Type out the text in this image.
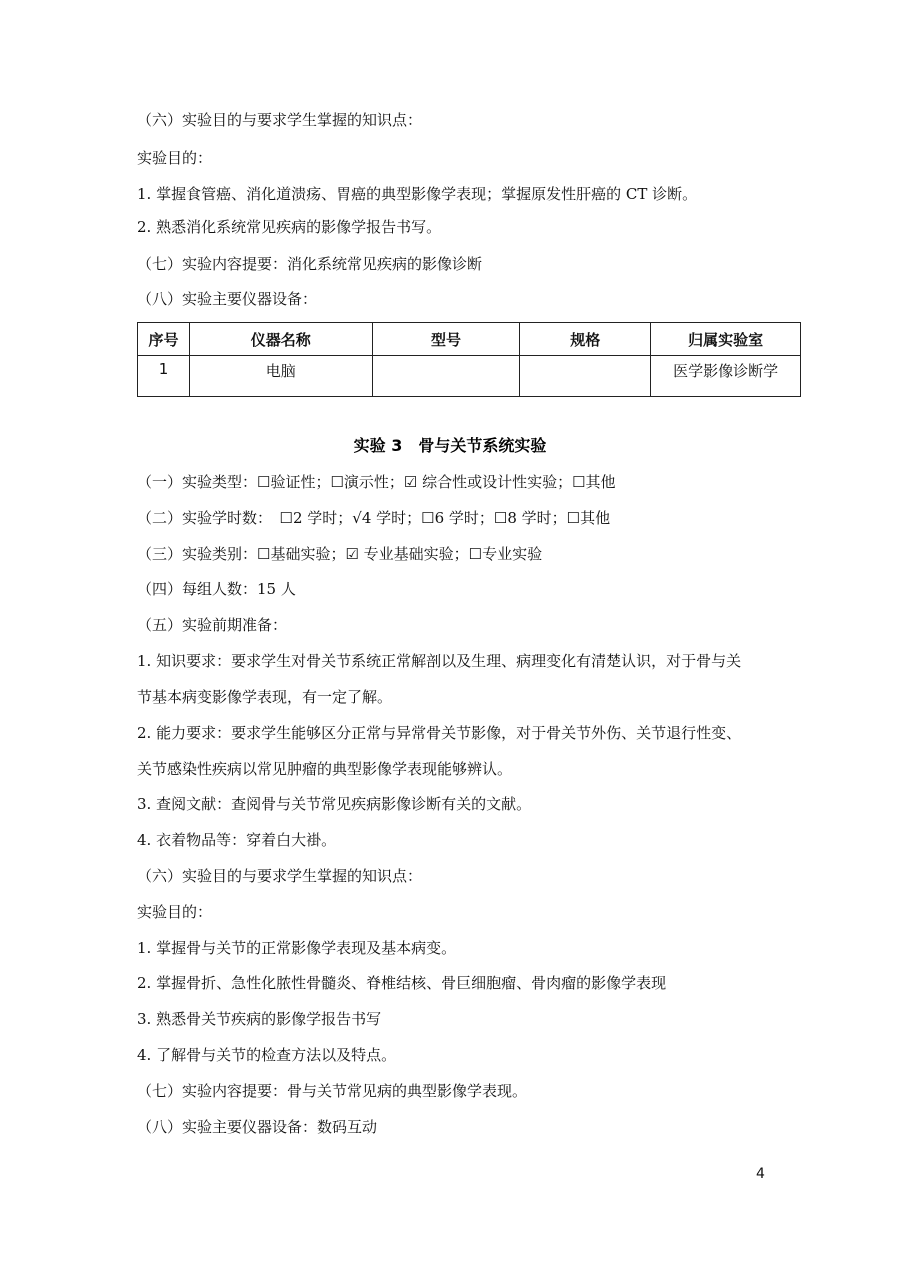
（六）实验目的与要求学生掌握的知识点：
实验目的：
1. 掌握食管癌、消化道溃疡、胃癌的典型影像学表现；掌握原发性肝癌的 CT 诊断。
2. 熟悉消化系统常见疾病的影像学报告书写。
（七）实验内容提要：消化系统常见疾病的影像诊断
（八）实验主要仪器设备：
序号	仪器名称	型号	规格	归属实验室
1	电脑			医学影像诊断学
实验 3　骨与关节系统实验
（一）实验类型：☐验证性；☐演示性；☑ 综合性或设计性实验；☐其他
（二）实验学时数：　☐2 学时；√4 学时；☐6 学时；☐8 学时；☐其他
（三）实验类别：☐基础实验；☑ 专业基础实验；☐专业实验
（四）每组人数：15 人
（五）实验前期准备：
1. 知识要求：要求学生对骨关节系统正常解剖以及生理、病理变化有清楚认识，对于骨与关
节基本病变影像学表现，有一定了解。
2. 能力要求：要求学生能够区分正常与异常骨关节影像，对于骨关节外伤、关节退行性变、
关节感染性疾病以常见肿瘤的典型影像学表现能够辨认。
3. 查阅文献：查阅骨与关节常见疾病影像诊断有关的文献。
4. 衣着物品等：穿着白大褂。
（六）实验目的与要求学生掌握的知识点：
实验目的：
1. 掌握骨与关节的正常影像学表现及基本病变。
2. 掌握骨折、急性化脓性骨髓炎、脊椎结核、骨巨细胞瘤、骨肉瘤的影像学表现
3. 熟悉骨关节疾病的影像学报告书写
4. 了解骨与关节的检查方法以及特点。
（七）实验内容提要：骨与关节常见病的典型影像学表现。
（八）实验主要仪器设备：数码互动
4
